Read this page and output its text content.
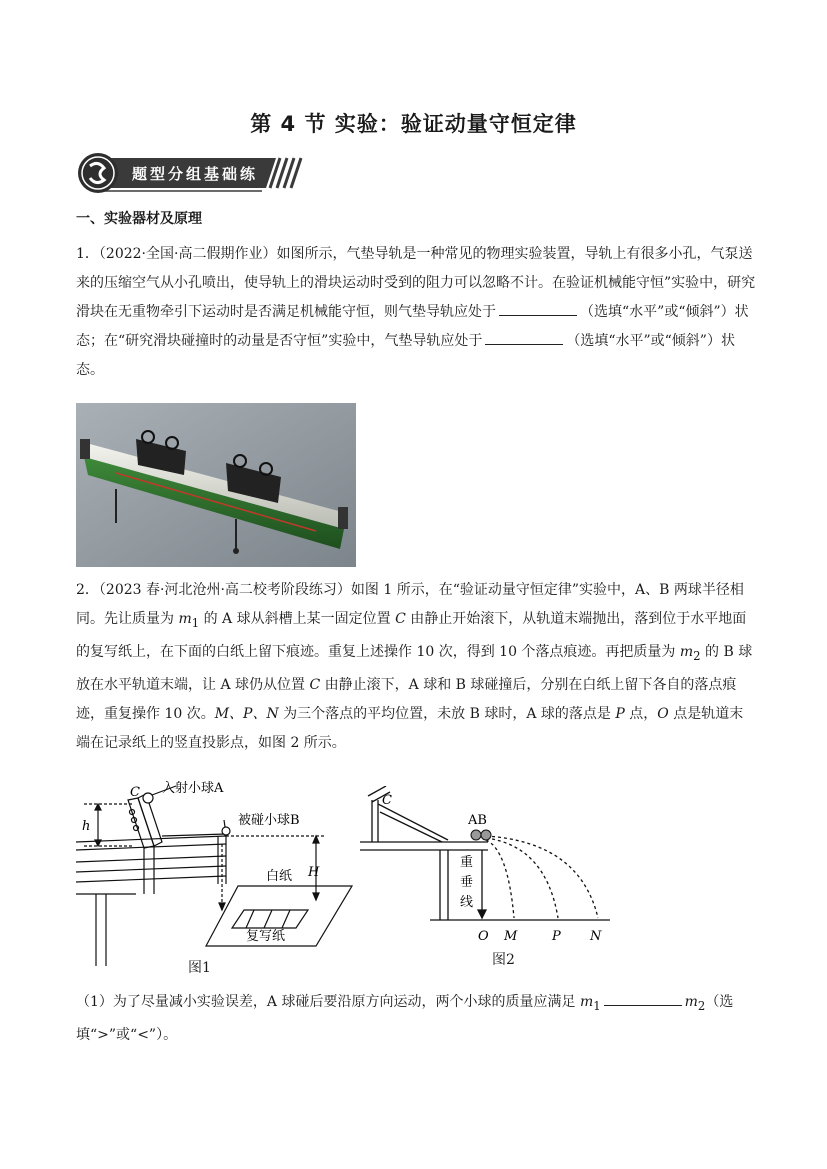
第 4 节 实验：验证动量守恒定律
题型分组基础练
一、实验器材及原理
1．（2022·全国·高二假期作业）如图所示，气垫导轨是一种常见的物理实验装置，导轨上有很多小孔，气泵送来的压缩空气从小孔喷出，使导轨上的滑块运动时受到的阻力可以忽略不计。在验证机械能守恒”实验中，研究滑块在无重物牵引下运动时是否满足机械能守恒，则气垫导轨应处于	（选填“水平”或“倾斜”）状态；在“研究滑块碰撞时的动量是否守恒”实验中，气垫导轨应处于	（选填“水平”或“倾斜”）状态。
2．（2023 春·河北沧州·高二校考阶段练习）如图 1 所示，在“验证动量守恒定律”实验中，A、B 两球半径相同。先让质量为 $m_1$ 的 A 球从斜槽上某一固定位置 C 由静止开始滚下，从轨道末端抛出，落到位于水平地面的复写纸上，在下面的白纸上留下痕迹。重复上述操作 10 次，得到 10 个落点痕迹。再把质量为 $m_2$ 的 B 球放在水平轨道末端，让 A 球仍从位置 C 由静止滚下，A 球和 B 球碰撞后，分别在白纸上留下各自的落点痕迹，重复操作 10 次。M、P、N 为三个落点的平均位置，未放 B 球时，A 球的落点是 P 点，O 点是轨道末端在记录纸上的竖直投影点，如图 2 所示。
C 入射小球A
被碰小球B
h
H
白纸
复写纸
图1
C
AB
重
垂
线
O M	P N
图2
（1）为了尽量减小实验误差，A 球碰后要沿原方向运动，两个小球的质量应满足 $m_1$	$m_2$（选填“>”或“<”）。
